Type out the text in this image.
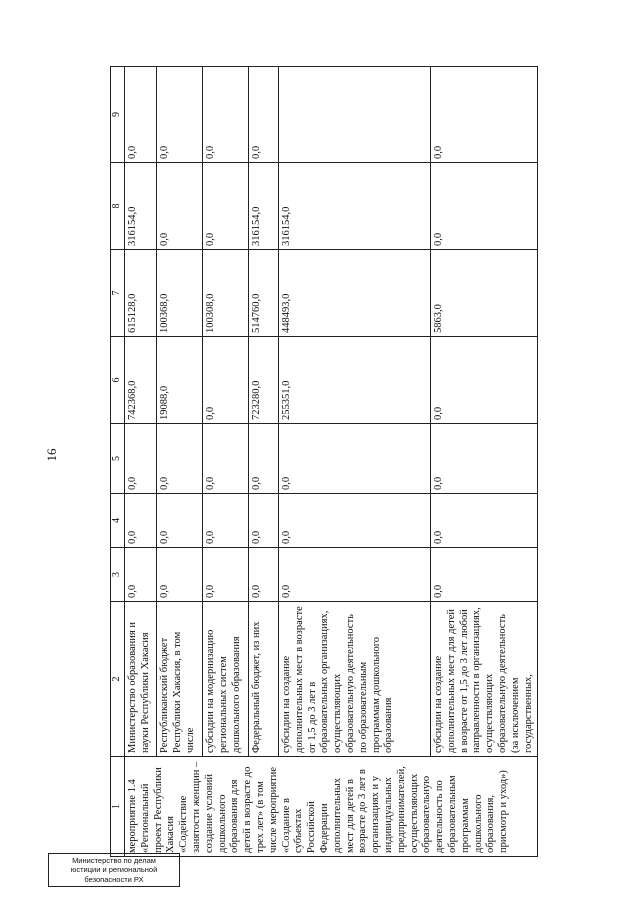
16
1	2	3	4	5	6	7	8	9
мероприятие 1.4 «Региональный проект Республики Хакасия «Содействие занятости женщин – создание условий дошкольного образования для детей в возрасте до трех лет» (в том числе мероприятие «Создание в субъектах Российской Федерации дополнительных мест для детей в возрасте до 3 лет в организациях и у индивидуальных предпринимателей, осуществляющих образовательную деятельность по образовательным программам дошкольного образования, присмотр и уход»)	Министерство образования и науки Республики Хакасия	0,0	0,0	0,0	742368,0	615128,0	316154,0	0,0
	Республиканский бюджет Республики Хакасия, в том числе	0,0	0,0	0,0	19088,0	100368,0	0,0	0,0
	субсидии на модернизацию региональных систем дошкольного образования	0,0	0,0	0,0	0,0	100308,0	0,0	0,0
	Федеральный бюджет, из них	0,0	0,0	0,0	723280,0	514760,0	316154,0	0,0
	субсидии на создание дополнительных мест в возрасте от 1,5 до 3 лет в образовательных организациях, осуществляющих образовательную деятельность по образовательным программам дошкольного образования	0,0	0,0	0,0	255351,0	448493,0	316154,0	
	субсидии на создание дополнительных мест для детей в возрасте от 1,5 до 3 лет любой направленности в организациях, осуществляющих образовательную деятельность (за исключением государственных,	0,0	0,0	0,0	0,0	5863,0	0,0	0,0
Министерство по делам
юстиции и региональной
безопасности РХ
